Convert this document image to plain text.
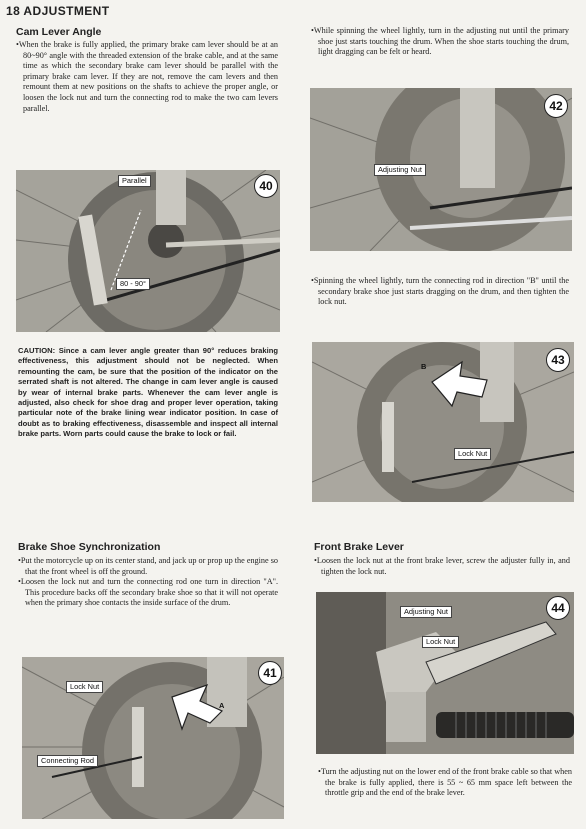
18 ADJUSTMENT
Cam Lever Angle

•When the brake is fully applied, the primary brake cam lever should be at an 80~90° angle with the threaded extension of the brake cable, and at the same time as which the secondary brake cam lever should be parallel with the primary brake cam lever. If they are not, remove the cam levers and then remount them at new positions on the shafts to achieve the proper angle, or loosen the lock nut and turn the connecting rod to make the two cam levers parallel.

Parallel
80 - 90°
40

CAUTION: Since a cam lever angle greater than 90° reduces braking effectiveness, this adjustment should not be neglected. When remounting the cam, be sure that the position of the indicator on the serrated shaft is not altered. The change in cam lever angle is caused by wear of internal brake parts. Whenever the cam lever angle is adjusted, also check for shoe drag and proper lever operation, taking particular note of the brake lining wear indicator position. In case of doubt as to braking effectiveness, disassemble and inspect all internal brake parts. Worn parts could cause the brake to lock or fail.

Brake Shoe Synchronization

•Put the motorcycle up on its center stand, and jack up or prop up the engine so that the front wheel is off the ground.

•Loosen the lock nut and turn the connecting rod one turn in direction "A". This procedure backs off the secondary brake shoe so that it will not operate when the primary shoe contacts the inside surface of the drum.

Lock Nut
Connecting Rod
A
41

•While spinning the wheel lightly, turn in the adjusting nut until the primary shoe just starts touching the drum. When the shoe starts touching the drum, light dragging can be felt or heard.

Adjusting Nut
42

•Spinning the wheel lightly, turn the connecting rod in direction "B" until the secondary brake shoe just starts dragging on the drum, and then tighten the lock nut.

B
Lock Nut
43
Front Brake Lever

•Loosen the lock nut at the front brake lever, screw the adjuster fully in, and tighten the lock nut.

Adjusting Nut
Lock Nut
44

•Turn the adjusting nut on the lower end of the front brake cable so that when the brake is fully applied, there is 55 ~ 65 mm space left between the throttle grip and the end of the brake lever.
